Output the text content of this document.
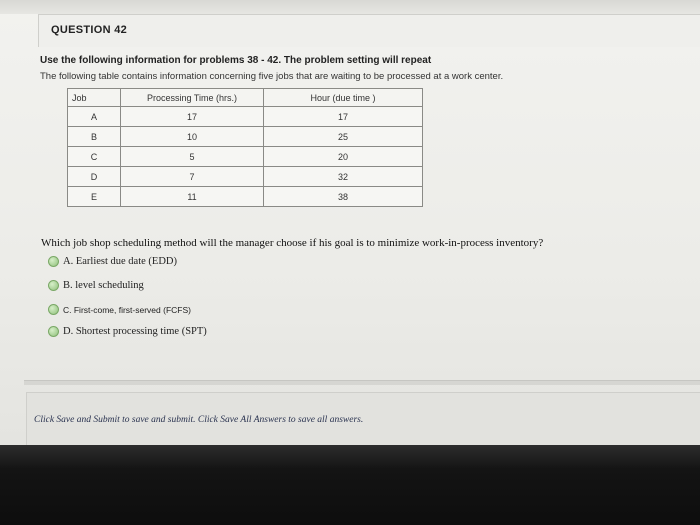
QUESTION 42
Use the following information for problems 38 - 42. The problem setting will repeat
The following table contains information concerning five jobs that are waiting to be processed at a work center.
Job	Processing Time (hrs.)	Hour (due time )
A	17	17
B	10	25
C	5	20
D	7	32
E	11	38
Which job shop scheduling method will the manager choose if his goal is to minimize work-in-process inventory?
A. Earliest due date (EDD)
B. level scheduling
C. First-come, first-served (FCFS)
D. Shortest processing time (SPT)
Click Save and Submit to save and submit. Click Save All Answers to save all answers.
